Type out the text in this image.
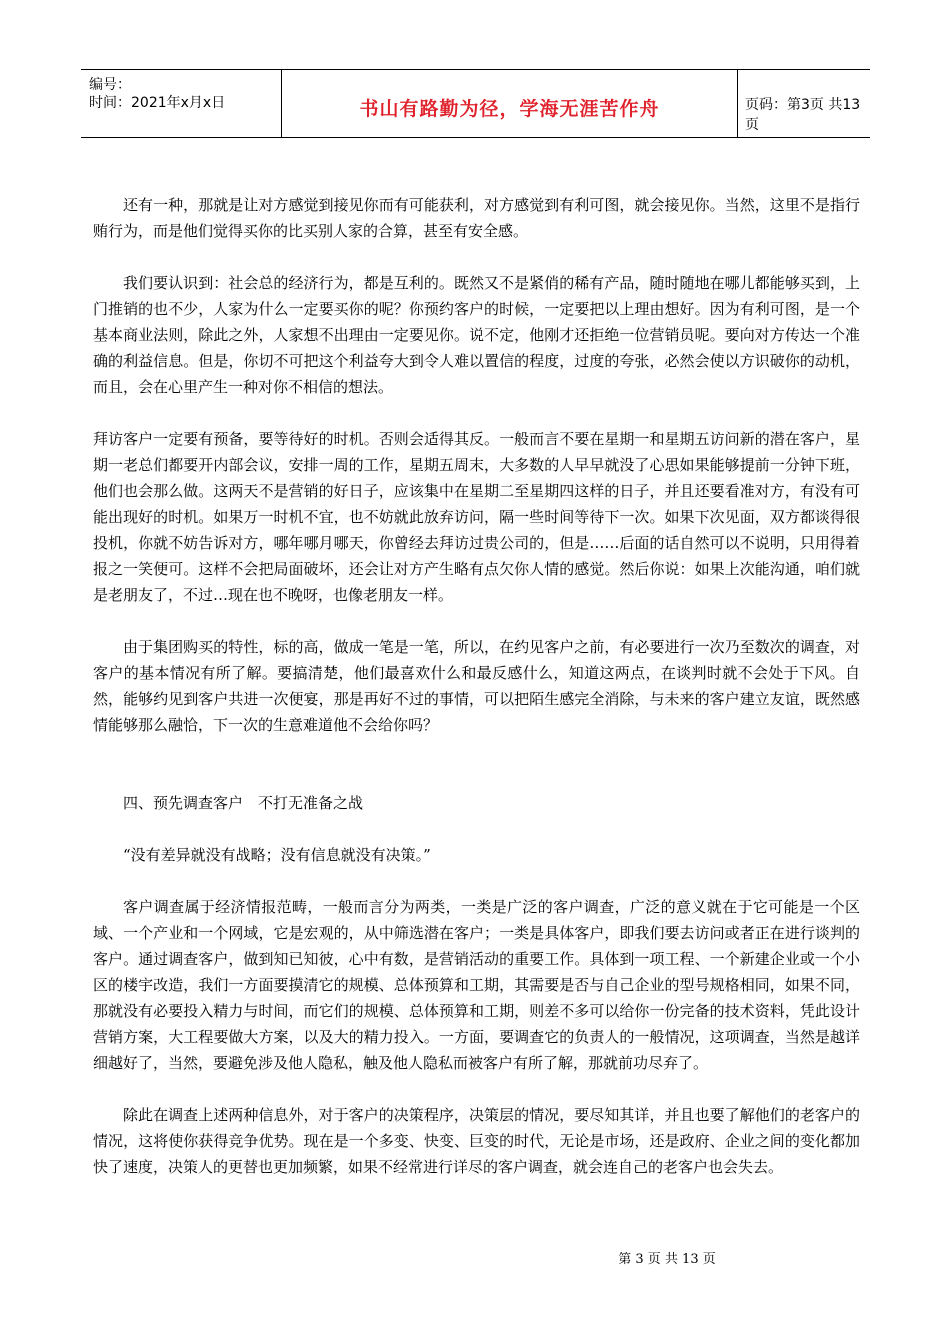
编号：
时间：2021年x月x日	书山有路勤为径，学海无涯苦作舟	页码：第3页 共13页

还有一种，那就是让对方感觉到接见你而有可能获利，对方感觉到有利可图，就会接见你。当然，这里不是指行贿行为，而是他们觉得买你的比买别人家的合算，甚至有安全感。

我们要认识到：社会总的经济行为，都是互利的。既然又不是紧俏的稀有产品，随时随地在哪儿都能够买到，上门推销的也不少，人家为什么一定要买你的呢？你预约客户的时候，一定要把以上理由想好。因为有利可图，是一个基本商业法则，除此之外，人家想不出理由一定要见你。说不定，他刚才还拒绝一位营销员呢。要向对方传达一个准确的利益信息。但是，你切不可把这个利益夸大到令人难以置信的程度，过度的夸张，必然会使以方识破你的动机，而且，会在心里产生一种对你不相信的想法。

拜访客户一定要有预备，要等待好的时机。否则会适得其反。一般而言不要在星期一和星期五访问新的潜在客户，星期一老总们都要开内部会议，安排一周的工作，星期五周末，大多数的人早早就没了心思如果能够提前一分钟下班，他们也会那么做。这两天不是营销的好日子，应该集中在星期二至星期四这样的日子，并且还要看准对方，有没有可能出现好的时机。如果万一时机不宜，也不妨就此放弃访问，隔一些时间等待下一次。如果下次见面，双方都谈得很投机，你就不妨告诉对方，哪年哪月哪天，你曾经去拜访过贵公司的，但是……后面的话自然可以不说明，只用得着报之一笑便可。这样不会把局面破坏，还会让对方产生略有点欠你人情的感觉。然后你说：如果上次能沟通，咱们就是老朋友了，不过…现在也不晚呀，也像老朋友一样。

由于集团购买的特性，标的高，做成一笔是一笔，所以，在约见客户之前，有必要进行一次乃至数次的调查，对客户的基本情况有所了解。要搞清楚，他们最喜欢什么和最反感什么，知道这两点，在谈判时就不会处于下风。自然，能够约见到客户共进一次便宴，那是再好不过的事情，可以把陌生感完全消除，与未来的客户建立友谊，既然感情能够那么融恰，下一次的生意难道他不会给你吗？

四、预先调查客户　不打无准备之战

“没有差异就没有战略；没有信息就没有决策。”

客户调查属于经济情报范畴，一般而言分为两类，一类是广泛的客户调查，广泛的意义就在于它可能是一个区域、一个产业和一个网域，它是宏观的，从中筛选潜在客户；一类是具体客户，即我们要去访问或者正在进行谈判的客户。通过调查客户，做到知已知彼，心中有数，是营销活动的重要工作。具体到一项工程、一个新建企业或一个小区的楼宇改造，我们一方面要摸清它的规模、总体预算和工期，其需要是否与自己企业的型号规格相同，如果不同，那就没有必要投入精力与时间，而它们的规模、总体预算和工期，则差不多可以给你一份完备的技术资料，凭此设计营销方案，大工程要做大方案，以及大的精力投入。一方面，要调查它的负责人的一般情况，这项调查，当然是越详细越好了，当然，要避免涉及他人隐私，触及他人隐私而被客户有所了解，那就前功尽弃了。

除此在调查上述两种信息外，对于客户的决策程序，决策层的情况，要尽知其详，并且也要了解他们的老客户的情况，这将使你获得竞争优势。现在是一个多变、快变、巨变的时代，无论是市场，还是政府、企业之间的变化都加快了速度，决策人的更替也更加频繁，如果不经常进行详尽的客户调查，就会连自己的老客户也会失去。

第 3 页 共 13 页
